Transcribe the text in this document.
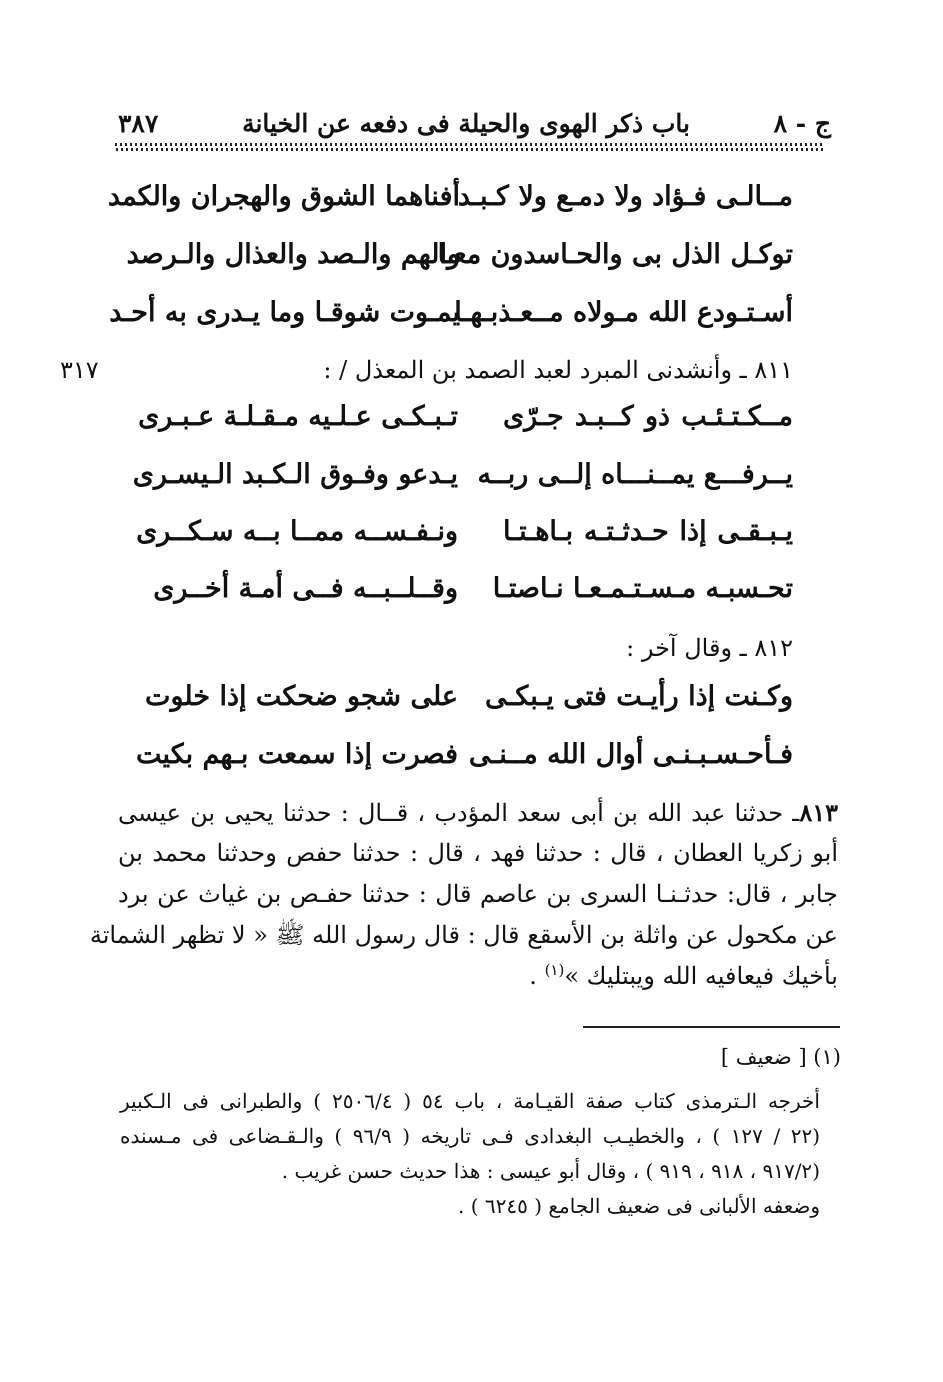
ج - ٨
باب ذكر الهوى والحيلة فى دفعه عن الخيانة
٣٨٧
مــالـى فـؤاد ولا دمـع ولا كـبـد
أفناهما الشوق والهجران والكمد
توكـل الذل بى والحـاسدون معـا
والهم والـصد والعذال والـرصد
أسـتـودع الله مـولاه مــعـذبـهـا
يمـوت شوقـا وما يـدرى به أحـد
٨١١ ـ وأنشدنى المبرد لعبد الصمد بن المعذل / :
٣١٧
مــكـتـئـب ذو كــبـد جـرّى
تـبـكـى عـلـيه مـقـلـة عـبـرى
يــرفـــع يمــنـــاه إلــى ربــه
يـدعو وفـوق الـكـبد الـيسـرى
يـبـقـى إذا حـدثـتـه بـاهـتـا
ونـفـســه ممــا بــه سـكــرى
تحـسبـه مـسـتـمـعـا نـاصتـا
وقــلــبــه فــى أمـة أخــرى
٨١٢ ـ وقال آخر :
وكـنت إذا رأيـت فتى يـبكـى
على شجو ضحكت إذا خلوت
فـأحـسـبـنـى أوال الله مــنـى
فصرت إذا سمعت بـهم بكيت

٨١٣ـ حدثنا عبد الله بن أبى سعد المؤدب ، قــال : حدثنا يحيى بن عيسى

أبو زكريا العطان ، قال : حدثنا فهد ، قال : حدثنا حفص وحدثنا محمد بن

جابر ، قال: حدثـنـا السرى بن عاصم قال : حدثنا حفـص بن غياث عن برد

عن مكحول عن واثلة بن الأسقع قال : قال رسول الله ﷺ « لا تظهر الشماتة

بأخيك فيعافيه الله ويبتليك »$^{(١)}$ .

(١) [ ضعيف ]

أخرجه الـترمذى كتاب صفة القيـامة ، باب ٥٤ ( ٢٥٠٦/٤ ) والطبرانى فى الـكبير

(٢٢ / ١٢٧ ) ، والخطيـب البغدادى فـى تاريخه ( ٩٦/٩ ) والـقـضاعى فى مـسنده

(٩١٧/٢ ، ٩١٨ ، ٩١٩ ) ، وقال أبو عيسى : هذا حديث حسن غريب .

وضعفه الألبانى فى ضعيف الجامع ( ٦٢٤٥ ) .
